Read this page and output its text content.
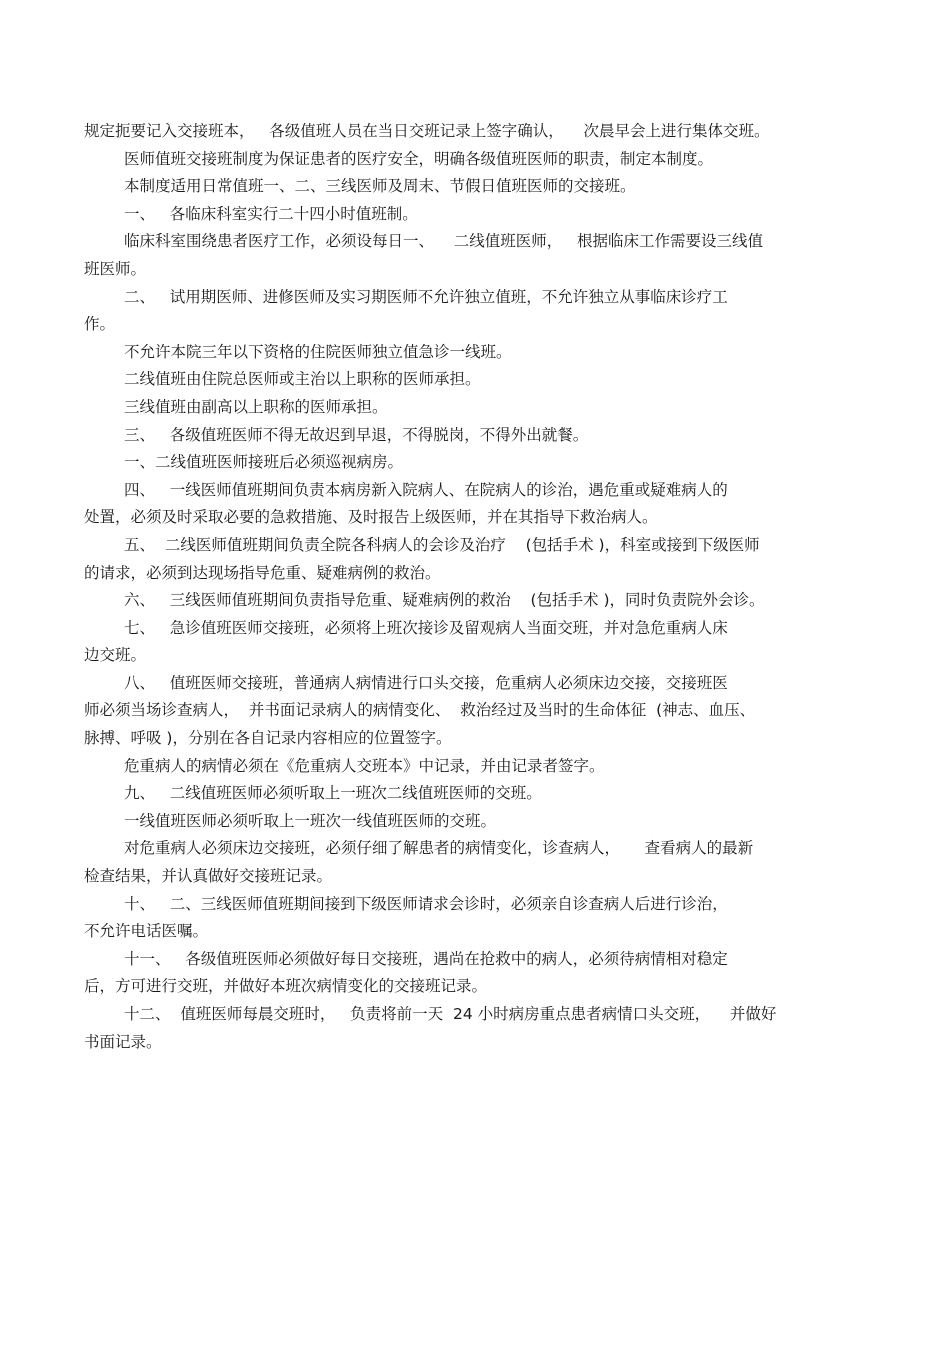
规定扼要记入交接班本，   各级值班人员在当日交班记录上签字确认，    次晨早会上进行集体交班。
医师值班交接班制度为保证患者的医疗安全，明确各级值班医师的职责，制定本制度。
本制度适用日常值班一、二、三线医师及周末、节假日值班医师的交接班。
一、   各临床科室实行二十四小时值班制。
临床科室围绕患者医疗工作，必须设每日一、    二线值班医师，   根据临床工作需要设三线值
班医师。
二、   试用期医师、进修医师及实习期医师不允许独立值班，不允许独立从事临床诊疗工
作。
不允许本院三年以下资格的住院医师独立值急诊一线班。
二线值班由住院总医师或主治以上职称的医师承担。
三线值班由副高以上职称的医师承担。
三、   各级值班医师不得无故迟到早退，不得脱岗，不得外出就餐。
一、二线值班医师接班后必须巡视病房。
四、   一线医师值班期间负责本病房新入院病人、在院病人的诊治，遇危重或疑难病人的
处置，必须及时采取必要的急救措施、及时报告上级医师，并在其指导下救治病人。
五、  二线医师值班期间负责全院各科病人的会诊及治疗    (包括手术 )，科室或接到下级医师
的请求，必须到达现场指导危重、疑难病例的救治。
六、   三线医师值班期间负责指导危重、疑难病例的救治    (包括手术 )，同时负责院外会诊。
七、   急诊值班医师交接班，必须将上班次接诊及留观病人当面交班，并对急危重病人床
边交班。
八、   值班医师交接班，普通病人病情进行口头交接，危重病人必须床边交接，交接班医
师必须当场诊查病人，  并书面记录病人的病情变化、  救治经过及当时的生命体征  (神志、血压、
脉搏、呼吸 )，分别在各自记录内容相应的位置签字。
危重病人的病情必须在《危重病人交班本》中记录，并由记录者签字。
九、   二线值班医师必须听取上一班次二线值班医师的交班。
一线值班医师必须听取上一班次一线值班医师的交班。
对危重病人必须床边交接班，必须仔细了解患者的病情变化，诊查病人，     查看病人的最新
检查结果，并认真做好交接班记录。
十、   二、三线医师值班期间接到下级医师请求会诊时，必须亲自诊查病人后进行诊治，
不允许电话医嘱。
十一、   各级值班医师必须做好每日交接班，遇尚在抢救中的病人，必须待病情相对稳定
后，方可进行交班，并做好本班次病情变化的交接班记录。
十二、  值班医师每晨交班时，   负责将前一天  24 小时病房重点患者病情口头交班，    并做好
书面记录。
